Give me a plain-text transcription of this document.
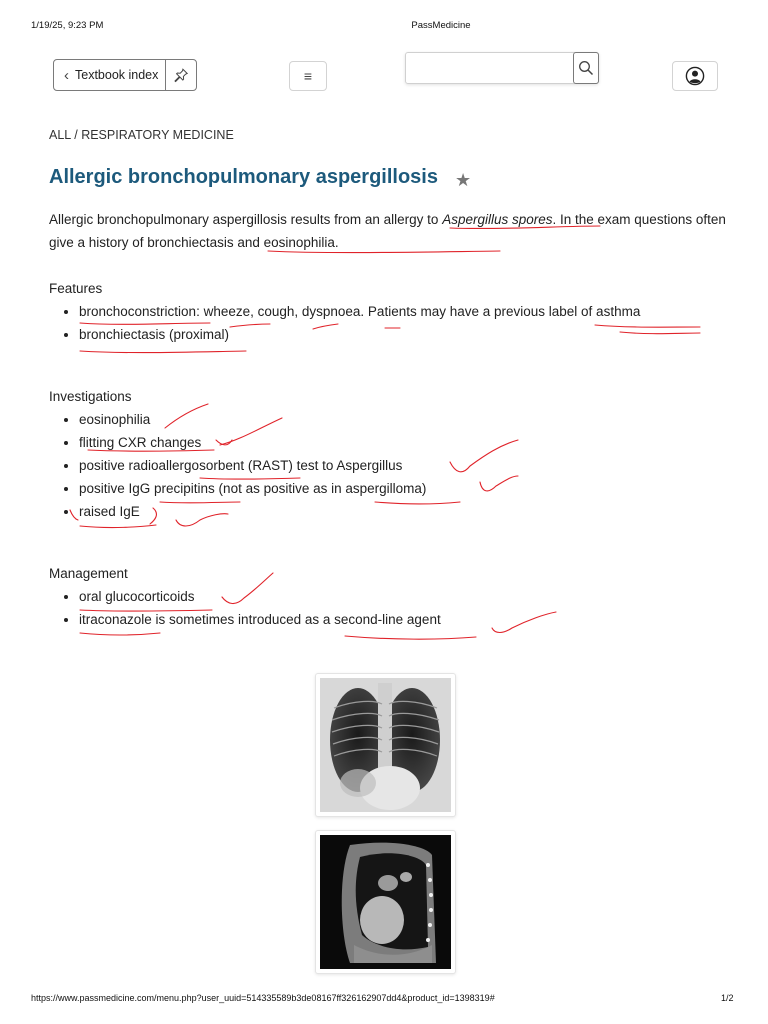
1/19/25, 9:23 PM	PassMedicine
‹ Textbook index	≡
ALL / RESPIRATORY MEDICINE
Allergic bronchopulmonary aspergillosis ★

Allergic bronchopulmonary aspergillosis results from an allergy to Aspergillus spores. In the exam questions often give a history of bronchiectasis and eosinophilia.

Features

• bronchoconstriction: wheeze, cough, dyspnoea. Patients may have a previous label of asthma
• bronchiectasis (proximal)

Investigations

• eosinophilia
• flitting CXR changes
• positive radioallergosorbent (RAST) test to Aspergillus
• positive IgG precipitins (not as positive as in aspergilloma)
• raised IgE

Management

• oral glucocorticoids
• itraconazole is sometimes introduced as a second-line agent
https://www.passmedicine.com/menu.php?user_uuid=514335589b3de08167ff326162907dd4&product_id=1398319#	1/2
